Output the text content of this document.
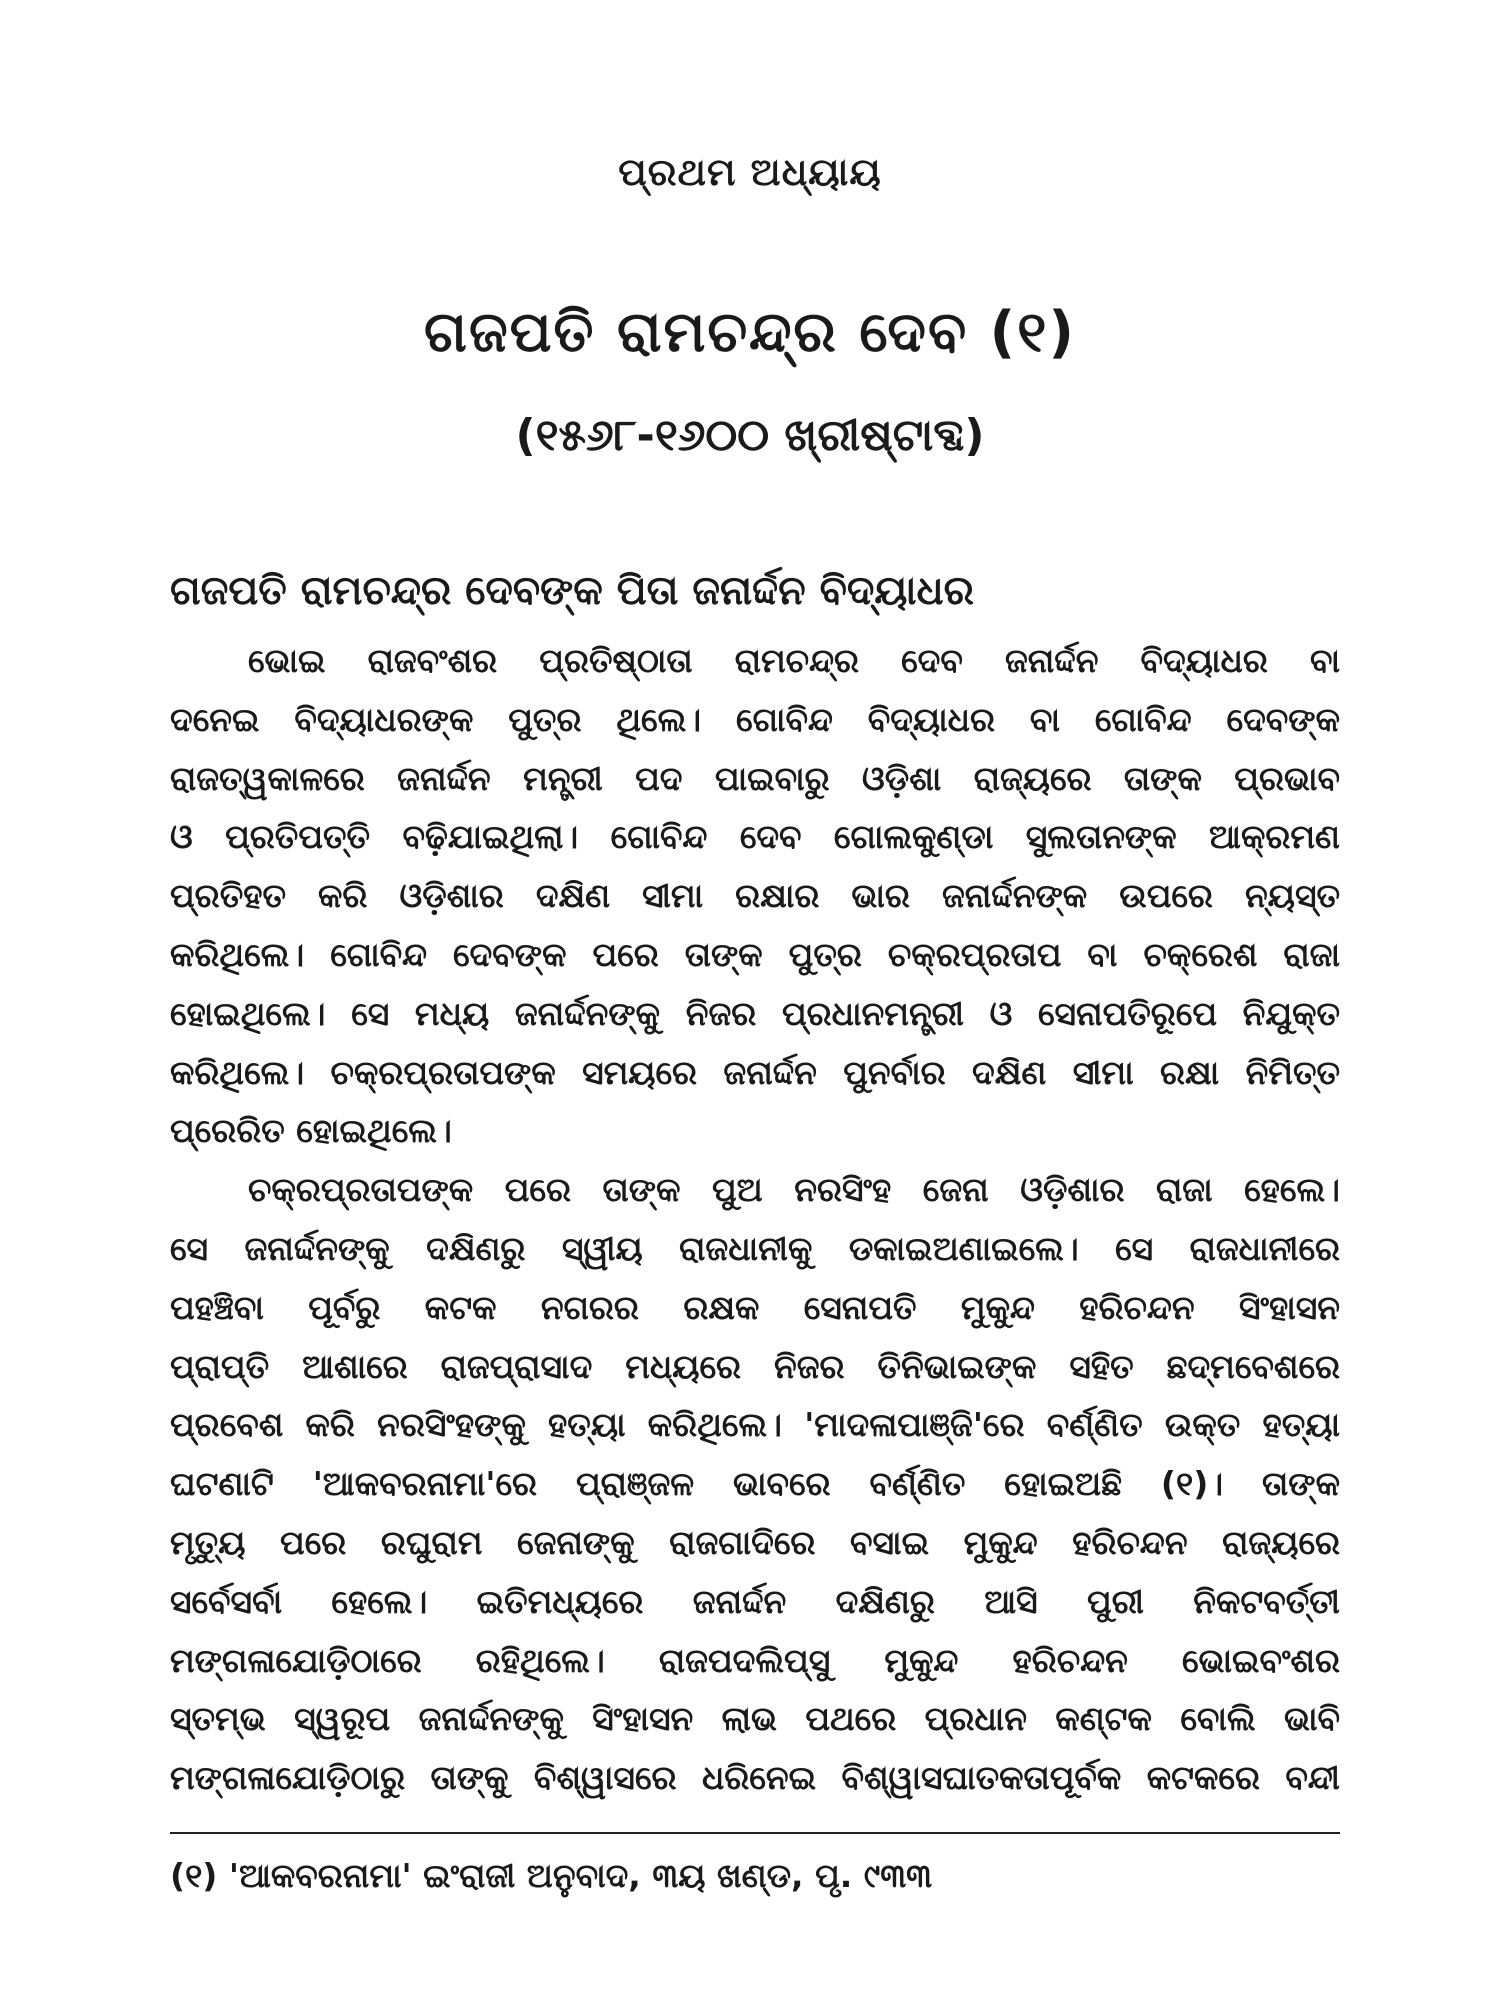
ପ୍ରଥମ ଅଧ୍ୟାୟ
ଗଜପତି ରାମଚନ୍ଦ୍ର ଦେବ (୧)
(୧୫୬୮-୧୬୦୦ ଖ୍ରୀଷ୍ଟାବ୍ଦ)
ଗଜପତି ରାମଚନ୍ଦ୍ର ଦେବଙ୍କ ପିତା ଜନାର୍ଦ୍ଦନ ବିଦ୍ୟାଧର
ଭୋଇ ରାଜବଂଶର ପ୍ରତିଷ୍ଠାତା ରାମଚନ୍ଦ୍ର ଦେବ ଜନାର୍ଦ୍ଦନ ବିଦ୍ୟାଧର ବା
ଦନେଇ ବିଦ୍ୟାଧରଙ୍କ ପୁତ୍ର ଥିଲେ। ଗୋବିନ୍ଦ ବିଦ୍ୟାଧର ବା ଗୋବିନ୍ଦ ଦେବଙ୍କ
ରାଜତ୍ୱକାଳରେ ଜନାର୍ଦ୍ଦନ ମନ୍ତ୍ରୀ ପଦ ପାଇବାରୁ ଓଡ଼ିଶା ରାଜ୍ୟରେ ତାଙ୍କ ପ୍ରଭାବ
ଓ ପ୍ରତିପତ୍ତି ବଢ଼ିଯାଇଥିଲା। ଗୋବିନ୍ଦ ଦେବ ଗୋଲକୁଣ୍ଡା ସୁଲତାନଙ୍କ ଆକ୍ରମଣ
ପ୍ରତିହତ କରି ଓଡ଼ିଶାର ଦକ୍ଷିଣ ସୀମା ରକ୍ଷାର ଭାର ଜନାର୍ଦ୍ଦନଙ୍କ ଉପରେ ନ୍ୟସ୍ତ
କରିଥିଲେ। ଗୋବିନ୍ଦ ଦେବଙ୍କ ପରେ ତାଙ୍କ ପୁତ୍ର ଚକ୍ରପ୍ରତାପ ବା ଚକ୍ରେଶ ରାଜା
ହୋଇଥିଲେ। ସେ ମଧ୍ୟ ଜନାର୍ଦ୍ଦନଙ୍କୁ ନିଜର ପ୍ରଧାନମନ୍ତ୍ରୀ ଓ ସେନାପତିରୂପେ ନିଯୁକ୍ତ
କରିଥିଲେ। ଚକ୍ରପ୍ରତାପଙ୍କ ସମୟରେ ଜନାର୍ଦ୍ଦନ ପୁନର୍ବାର ଦକ୍ଷିଣ ସୀମା ରକ୍ଷା ନିମିତ୍ତ
ପ୍ରେରିତ ହୋଇଥିଲେ।
ଚକ୍ରପ୍ରତାପଙ୍କ ପରେ ତାଙ୍କ ପୁଅ ନରସିଂହ ଜେନା ଓଡ଼ିଶାର ରାଜା ହେଲେ।
ସେ ଜନାର୍ଦ୍ଦନଙ୍କୁ ଦକ୍ଷିଣରୁ ସ୍ୱୀୟ ରାଜଧାନୀକୁ ଡକାଇଅଣାଇଲେ। ସେ ରାଜଧାନୀରେ
ପହଞ୍ଚିବା ପୂର୍ବରୁ କଟକ ନଗରର ରକ୍ଷକ ସେନାପତି ମୁକୁନ୍ଦ ହରିଚନ୍ଦନ ସିଂହାସନ
ପ୍ରାପ୍ତି ଆଶାରେ ରାଜପ୍ରାସାଦ ମଧ୍ୟରେ ନିଜର ତିନିଭାଇଙ୍କ ସହିତ ଛଦ୍ମବେଶରେ
ପ୍ରବେଶ କରି ନରସିଂହଙ୍କୁ ହତ୍ୟା କରିଥିଲେ। 'ମାଦଳାପାଞ୍ଜି'ରେ ବର୍ଣ୍ଣିତ ଉକ୍ତ ହତ୍ୟା
ଘଟଣାଟି 'ଆକବରନାମା'ରେ ପ୍ରାଞ୍ଜଳ ଭାବରେ ବର୍ଣ୍ଣିତ ହୋଇଅଛି (୧)। ତାଙ୍କ
ମୃତ୍ୟୁ ପରେ ରଘୁରାମ ଜେନାଙ୍କୁ ରାଜଗାଦିରେ ବସାଇ ମୁକୁନ୍ଦ ହରିଚନ୍ଦନ ରାଜ୍ୟରେ
ସର୍ବେସର୍ବା ହେଲେ। ଇତିମଧ୍ୟରେ ଜନାର୍ଦ୍ଦନ ଦକ୍ଷିଣରୁ ଆସି ପୁରୀ ନିକଟବର୍ତ୍ତୀ
ମଙ୍ଗଳାଯୋଡ଼ିଠାରେ ରହିଥିଲେ। ରାଜପଦଲିପ୍ସୁ ମୁକୁନ୍ଦ ହରିଚନ୍ଦନ ଭୋଇବଂଶର
ସ୍ତମ୍ଭ ସ୍ୱରୂପ ଜନାର୍ଦ୍ଦନଙ୍କୁ ସିଂହାସନ ଲାଭ ପଥରେ ପ୍ରଧାନ କଣ୍ଟକ ବୋଲି ଭାବି
ମଙ୍ଗଳାଯୋଡ଼ିଠାରୁ ତାଙ୍କୁ ବିଶ୍ୱାସରେ ଧରିନେଇ ବିଶ୍ୱାସଘାତକତାପୂର୍ବକ କଟକରେ ବନ୍ଦୀ
(୧) 'ଆକବରନାମା' ଇଂରାଜୀ ଅନୁବାଦ, ୩ୟ ଖଣ୍ଡ, ପୃ. ୯୩୩
